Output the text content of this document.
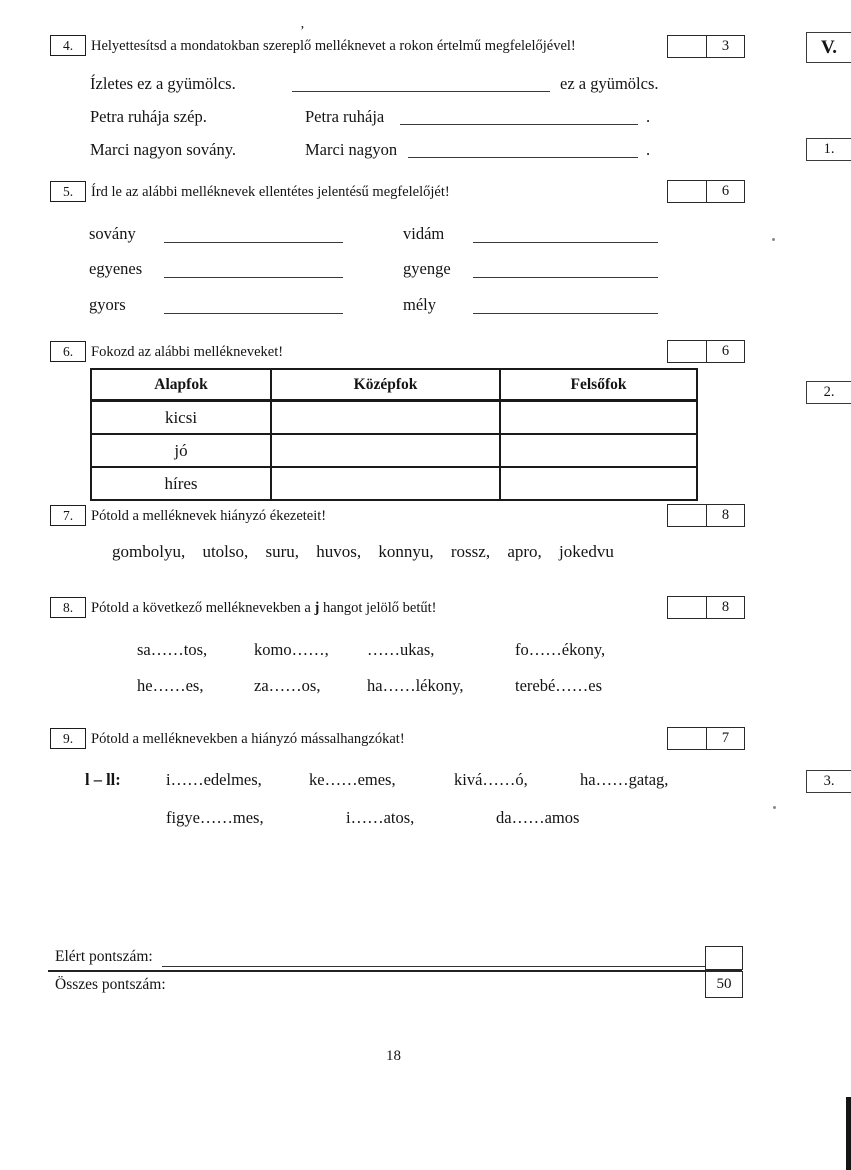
4.	Helyettesítsd a mondatokban szereplő melléknevet a rokon értelmű megfelelőjével!
’
3
Ízletes ez a gyümölcs.	ez a gyümölcs.
Petra ruhája szép.	Petra ruhája	.
Marci nagyon sovány.	Marci nagyon	.
5.	Írd le az alábbi melléknevek ellentétes jelentésű megfelelőjét!	6
sovány	vidám
egyenes	gyenge
gyors	mély
6.	Fokozd az alábbi mellékneveket!	6
Alapfok	Középfok	Felsőfok
kicsi		
jó		
híres		
7.	Pótold a melléknevek hiányzó ékezeteit!	8
gombolyu, utolso, suru, huvos, konnyu, rossz, apro, jokedvu
8.	Pótold a következő melléknevekben a j hangot jelölő betűt!	8
sa……tos,	komo……, ……ukas,	fo……ékony,
he……es,	za……os,	ha……lékony,	terebé……es
9.	Pótold a melléknevekben a hiányzó mássalhangzókat!	7
l – ll:	i……edelmes,	ke……emes,	kivá……ó,	ha……gatag,
figye……mes,	i……atos,	da……amos
Elért pontszám:
Összes pontszám:	50
18
V.
1.
2.
3.
